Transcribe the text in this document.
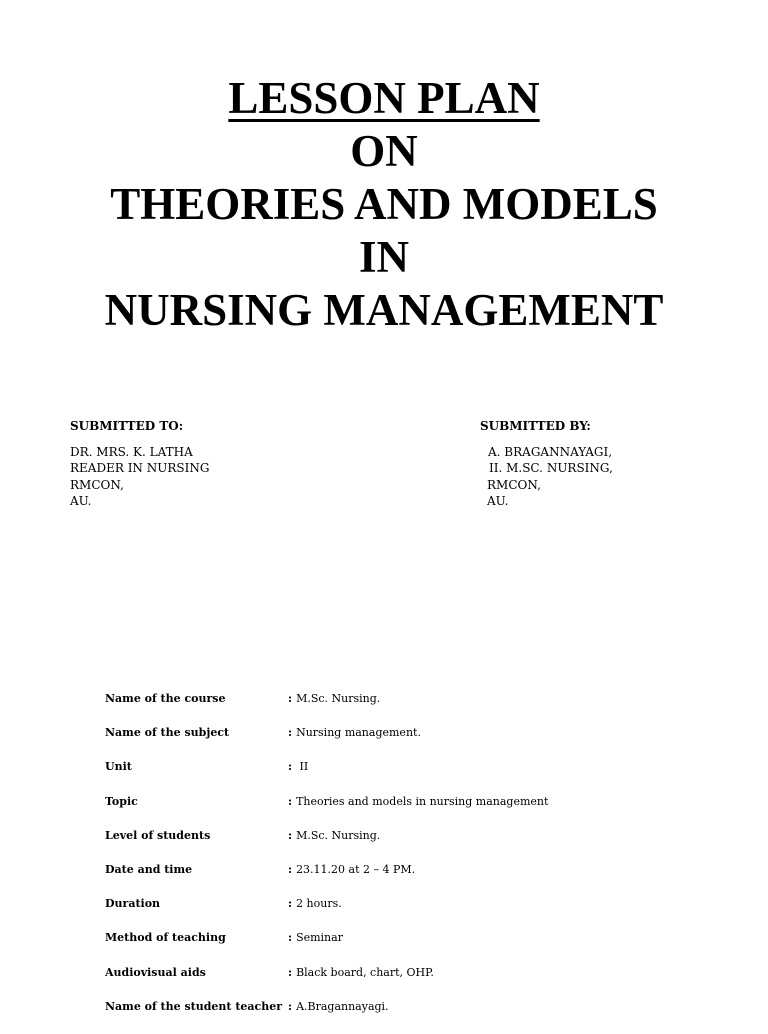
LESSON PLAN
ON
THEORIES AND MODELS
IN
NURSING MANAGEMENT
SUBMITTED TO:
DR. MRS. K. LATHA
READER IN NURSING
RMCON,
AU.
SUBMITTED BY:
A. BRAGANNAYAGI,
II. M.SC. NURSING,
RMCON,
AU.
Name of the course	: M.Sc. Nursing.
Name of the subject	: Nursing management.
Unit	: II
Topic	: Theories and models in nursing management
Level of students	: M.Sc. Nursing.
Date and time	: 23.11.20 at 2 – 4 PM.
Duration	: 2 hours.
Method of teaching	: Seminar
Audiovisual aids	: Black board, chart, OHP.
Name of the student teacher : A.Bragannayagi.
